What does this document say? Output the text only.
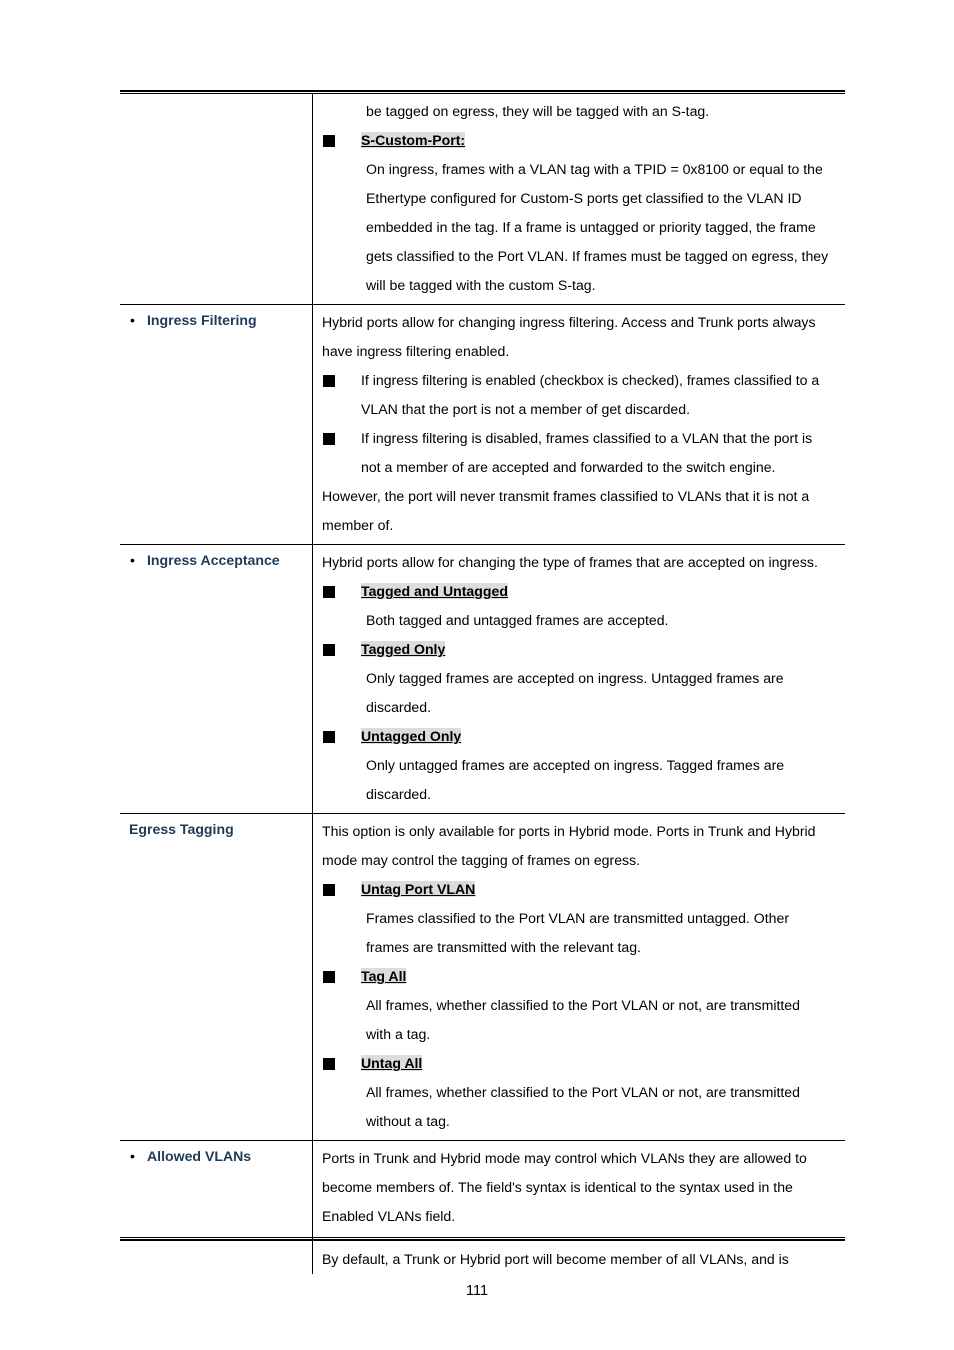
be tagged on egress, they will be tagged with an S-tag.
S-Custom-Port:
On ingress, frames with a VLAN tag with a TPID = 0x8100 or equal to the
Ethertype configured for Custom-S ports get classified to the VLAN ID
embedded in the tag. If a frame is untagged or priority tagged, the frame
gets classified to the Port VLAN. If frames must be tagged on egress, they
will be tagged with the custom S-tag.
• Ingress Filtering	Hybrid ports allow for changing ingress filtering. Access and Trunk ports always
have ingress filtering enabled.
If ingress filtering is enabled (checkbox is checked), frames classified to a
VLAN that the port is not a member of get discarded.
If ingress filtering is disabled, frames classified to a VLAN that the port is
not a member of are accepted and forwarded to the switch engine.
However, the port will never transmit frames classified to VLANs that it is not a
member of.
• Ingress Acceptance	Hybrid ports allow for changing the type of frames that are accepted on ingress.
Tagged and Untagged
Both tagged and untagged frames are accepted.
Tagged Only
Only tagged frames are accepted on ingress. Untagged frames are
discarded.
Untagged Only
Only untagged frames are accepted on ingress. Tagged frames are
discarded.
Egress Tagging	This option is only available for ports in Hybrid mode. Ports in Trunk and Hybrid
mode may control the tagging of frames on egress.
Untag Port VLAN
Frames classified to the Port VLAN are transmitted untagged. Other
frames are transmitted with the relevant tag.
Tag All
All frames, whether classified to the Port VLAN or not, are transmitted
with a tag.
Untag All
All frames, whether classified to the Port VLAN or not, are transmitted
without a tag.
• Allowed VLANs	Ports in Trunk and Hybrid mode may control which VLANs they are allowed to
become members of. The field's syntax is identical to the syntax used in the
Enabled VLANs field.
By default, a Trunk or Hybrid port will become member of all VLANs, and is
111
